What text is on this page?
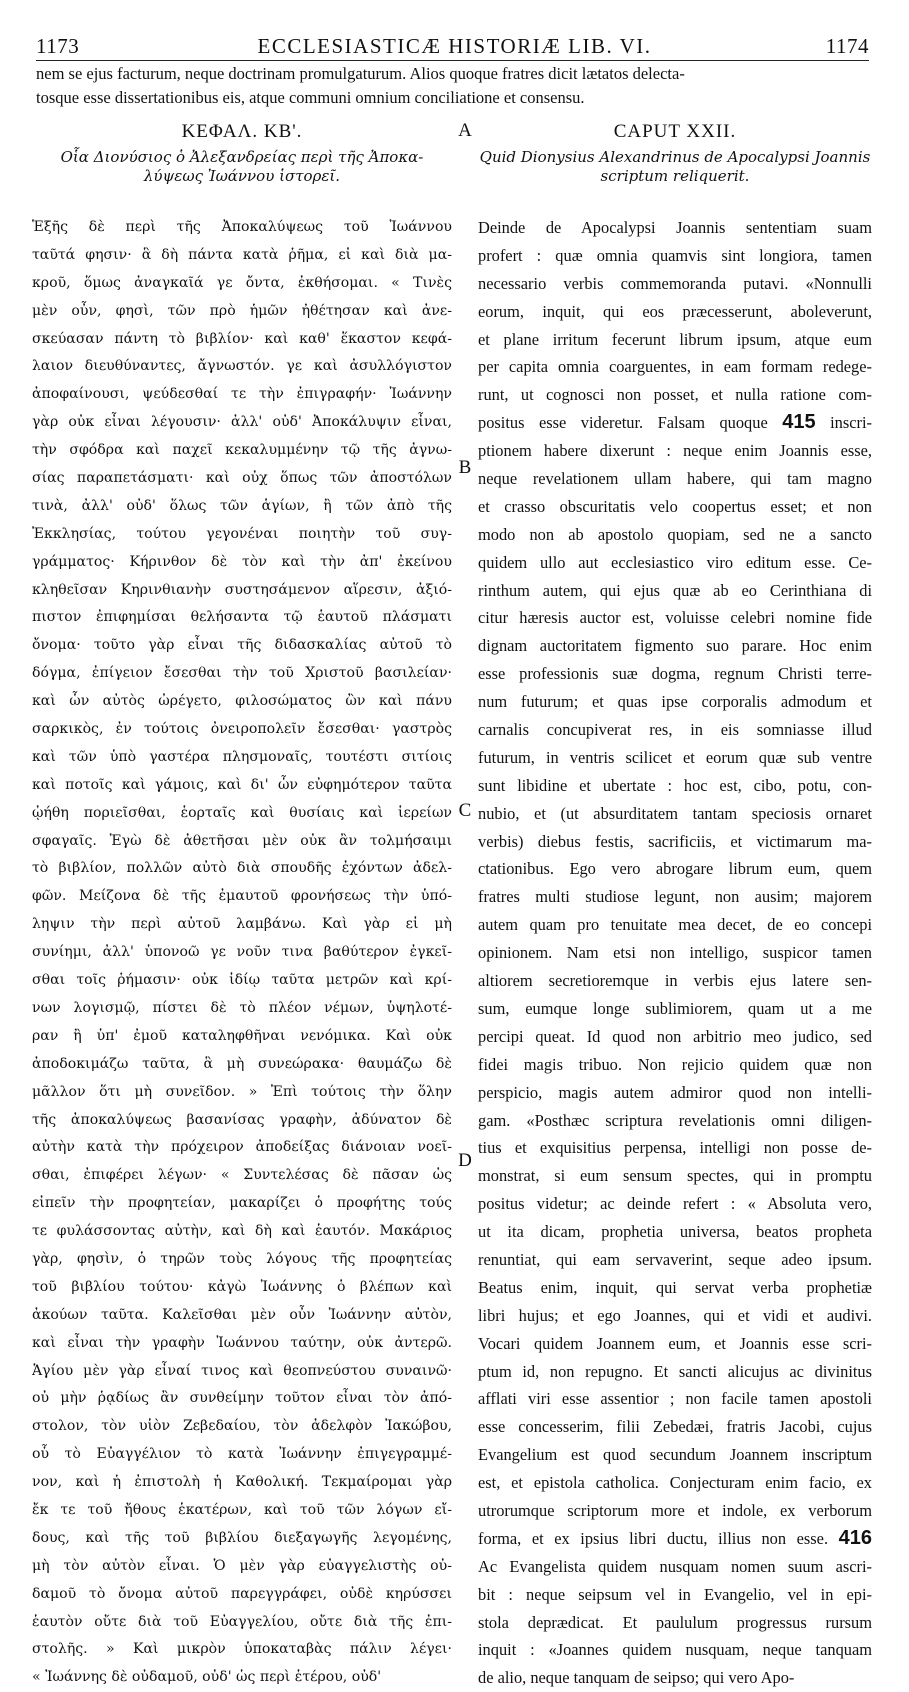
1173	ECCLESIASTICÆ HISTORIÆ LIB. VI.	1174
nem se ejus facturum, neque doctrinam promulgaturum. Alios quoque fratres dicit lætatos delecta-
tosque esse dissertationibus eis, atque communi omnium conciliatione et consensu.
A
B
C
D
ΚΕΦΑΛ. ΚΒ'.
Οἷα Διονύσιος ὁ Ἀλεξανδρείας περὶ τῆς Ἀποκα-
λύψεως Ἰωάννου ἱστορεῖ.
Ἑξῆς δὲ περὶ τῆς Ἀποκαλύψεως τοῦ Ἰωάννου
ταῦτά φησιν· ἃ δὴ πάντα κατὰ ῥῆμα, εἰ καὶ διὰ μα-
κροῦ, ὅμως ἀναγκαῖά γε ὄντα, ἐκθήσομαι. « Τινὲς
μὲν οὖν, φησὶ, τῶν πρὸ ἡμῶν ἠθέτησαν καὶ ἀνε-
σκεύασαν πάντη τὸ βιβλίον· καὶ καθ' ἕκαστον κεφά-
λαιον διευθύναντες, ἄγνωστόν. γε καὶ ἀσυλλόγιστον
ἀποφαίνουσι, ψεύδεσθαί τε τὴν ἐπιγραφήν· Ἰωάννην
γὰρ οὐκ εἶναι λέγουσιν· ἀλλ' οὐδ' Ἀποκάλυψιν εἶναι,
τὴν σφόδρα καὶ παχεῖ κεκαλυμμένην τῷ τῆς ἀγνω-
σίας παραπετάσματι· καὶ οὐχ ὅπως τῶν ἀποστόλων
τινὰ, ἀλλ' οὐδ' ὅλως τῶν ἁγίων, ἢ τῶν ἀπὸ τῆς
Ἐκκλησίας, τούτου γεγονέναι ποιητὴν τοῦ συγ-
γράμματος· Κήρινθον δὲ τὸν καὶ τὴν ἀπ' ἐκείνου
κληθεῖσαν Κηρινθιανὴν συστησάμενον αἵρεσιν, ἀξιό-
πιστον ἐπιφημίσαι θελήσαντα τῷ ἑαυτοῦ πλάσματι
ὄνομα· τοῦτο γὰρ εἶναι τῆς διδασκαλίας αὐτοῦ τὸ
δόγμα, ἐπίγειον ἔσεσθαι τὴν τοῦ Χριστοῦ βασιλείαν·
καὶ ὧν αὐτὸς ὠρέγετο, φιλοσώματος ὢν καὶ πάνυ
σαρκικὸς, ἐν τούτοις ὀνειροπολεῖν ἔσεσθαι· γαστρὸς
καὶ τῶν ὑπὸ γαστέρα πλησμοναῖς, τουτέστι σιτίοις
καὶ ποτοῖς καὶ γάμοις, καὶ δι' ὧν εὐφημότερον ταῦτα
ᾠήθη ποριεῖσθαι, ἑορταῖς καὶ θυσίαις καὶ ἱερείων
σφαγαῖς. Ἐγὼ δὲ ἀθετῆσαι μὲν οὐκ ἂν τολμήσαιμι
τὸ βιβλίον, πολλῶν αὐτὸ διὰ σπουδῆς ἐχόντων ἀδελ-
φῶν. Μείζονα δὲ τῆς ἐμαυτοῦ φρονήσεως τὴν ὑπό-
ληψιν τὴν περὶ αὐτοῦ λαμβάνω. Καὶ γὰρ εἰ μὴ
συνίημι, ἀλλ' ὑπονοῶ γε νοῦν τινα βαθύτερον ἐγκεῖ-
σθαι τοῖς ῥήμασιν· οὐκ ἰδίῳ ταῦτα μετρῶν καὶ κρί-
νων λογισμῷ, πίστει δὲ τὸ πλέον νέμων, ὑψηλοτέ-
ραν ἢ ὑπ' ἐμοῦ καταληφθῆναι νενόμικα. Καὶ οὐκ
ἀποδοκιμάζω ταῦτα, ἃ μὴ συνεώρακα· θαυμάζω δὲ
μᾶλλον ὅτι μὴ συνεῖδον. » Ἐπὶ τούτοις τὴν ὅλην
τῆς ἀποκαλύψεως βασανίσας γραφὴν, ἀδύνατον δὲ
αὐτὴν κατὰ τὴν πρόχειρον ἀποδείξας διάνοιαν νοεῖ-
σθαι, ἐπιφέρει λέγων· « Συντελέσας δὲ πᾶσαν ὡς
εἰπεῖν τὴν προφητείαν, μακαρίζει ὁ προφήτης τούς
τε φυλάσσοντας αὐτὴν, καὶ δὴ καὶ ἑαυτόν. Μακάριος
γὰρ, φησὶν, ὁ τηρῶν τοὺς λόγους τῆς προφητείας
τοῦ βιβλίου τούτου· κἀγὼ Ἰωάννης ὁ βλέπων καὶ
ἀκούων ταῦτα. Καλεῖσθαι μὲν οὖν Ἰωάννην αὐτὸν,
καὶ εἶναι τὴν γραφὴν Ἰωάννου ταύτην, οὐκ ἀντερῶ.
Ἁγίου μὲν γὰρ εἶναί τινος καὶ θεοπνεύστου συναινῶ·
οὐ μὴν ῥᾳδίως ἂν συνθείμην τοῦτον εἶναι τὸν ἀπό-
στολον, τὸν υἱὸν Ζεβεδαίου, τὸν ἀδελφὸν Ἰακώβου,
οὗ τὸ Εὐαγγέλιον τὸ κατὰ Ἰωάννην ἐπιγεγραμμέ-
νον, καὶ ἡ ἐπιστολὴ ἡ Καθολική. Τεκμαίρομαι γὰρ
ἔκ τε τοῦ ἤθους ἑκατέρων, καὶ τοῦ τῶν λόγων εἴ-
δους, καὶ τῆς τοῦ βιβλίου διεξαγωγῆς λεγομένης,
μὴ τὸν αὐτὸν εἶναι. Ὁ μὲν γὰρ εὐαγγελιστὴς οὐ-
δαμοῦ τὸ ὄνομα αὐτοῦ παρεγγράφει, οὐδὲ κηρύσσει
ἑαυτὸν οὔτε διὰ τοῦ Εὐαγγελίου, οὔτε διὰ τῆς ἐπι-
στολῆς. » Καὶ μικρὸν ὑποκαταβὰς πάλιν λέγει·
« Ἰωάννης δὲ οὐδαμοῦ, οὐδ' ὡς περὶ ἑτέρου, οὐδ'
CAPUT XXII.
Quid Dionysius Alexandrinus de Apocalypsi Joannis
scriptum reliquerit.
Deinde de Apocalypsi Joannis sententiam suam
profert : quæ omnia quamvis sint longiora, tamen
necessario verbis commemoranda putavi. «Nonnulli
eorum, inquit, qui eos præcesserunt, aboleverunt,
et plane irritum fecerunt librum ipsum, atque eum
per capita omnia coarguentes, in eam formam redege-
runt, ut cognosci non posset, et nulla ratione com-
positus esse videretur. Falsam quoque 415 inscri-
ptionem habere dixerunt : neque enim Joannis esse,
neque revelationem ullam habere, qui tam magno
et crasso obscuritatis velo coopertus esset; et non
modo non ab apostolo quopiam, sed ne a sancto
quidem ullo aut ecclesiastico viro editum esse. Ce-
rinthum autem, qui ejus quæ ab eo Cerinthiana di
citur hæresis auctor est, voluisse celebri nomine fide
dignam auctoritatem figmento suo parare. Hoc enim
esse professionis suæ dogma, regnum Christi terre-
num futurum; et quas ipse corporalis admodum et
carnalis concupiverat res, in eis somniasse illud
futurum, in ventris scilicet et eorum quæ sub ventre
sunt libidine et ubertate : hoc est, cibo, potu, con-
nubio, et (ut absurditatem tantam speciosis ornaret
verbis) diebus festis, sacrificiis, et victimarum ma-
ctationibus. Ego vero abrogare librum eum, quem
fratres multi studiose legunt, non ausim; majorem
autem quam pro tenuitate mea decet, de eo concepi
opinionem. Nam etsi non intelligo, suspicor tamen
altiorem secretioremque in verbis ejus latere sen-
sum, eumque longe sublimiorem, quam ut a me
percipi queat. Id quod non arbitrio meo judico, sed
fidei magis tribuo. Non rejicio quidem quæ non
perspicio, magis autem admiror quod non intelli-
gam. «Posthæc scriptura revelationis omni diligen-
tius et exquisitius perpensa, intelligi non posse de-
monstrat, si eum sensum spectes, qui in promptu
positus videtur; ac deinde refert : « Absoluta vero,
ut ita dicam, prophetia universa, beatos propheta
renuntiat, qui eam servaverint, seque adeo ipsum.
Beatus enim, inquit, qui servat verba prophetiæ
libri hujus; et ego Joannes, qui et vidi et audivi.
Vocari quidem Joannem eum, et Joannis esse scri-
ptum id, non repugno. Et sancti alicujus ac divinitus
afflati viri esse assentior ; non facile tamen apostoli
esse concesserim, filii Zebedæi, fratris Jacobi, cujus
Evangelium est quod secundum Joannem inscriptum
est, et epistola catholica. Conjecturam enim facio, ex
utrorumque scriptorum more et indole, ex verborum
forma, et ex ipsius libri ductu, illius non esse. 416
Ac Evangelista quidem nusquam nomen suum ascri-
bit : neque seipsum vel in Evangelio, vel in epi-
stola deprædicat. Et paululum progressus rursum
inquit : «Joannes quidem nusquam, neque tanquam
de alio, neque tanquam de seipso; qui vero Apo-
